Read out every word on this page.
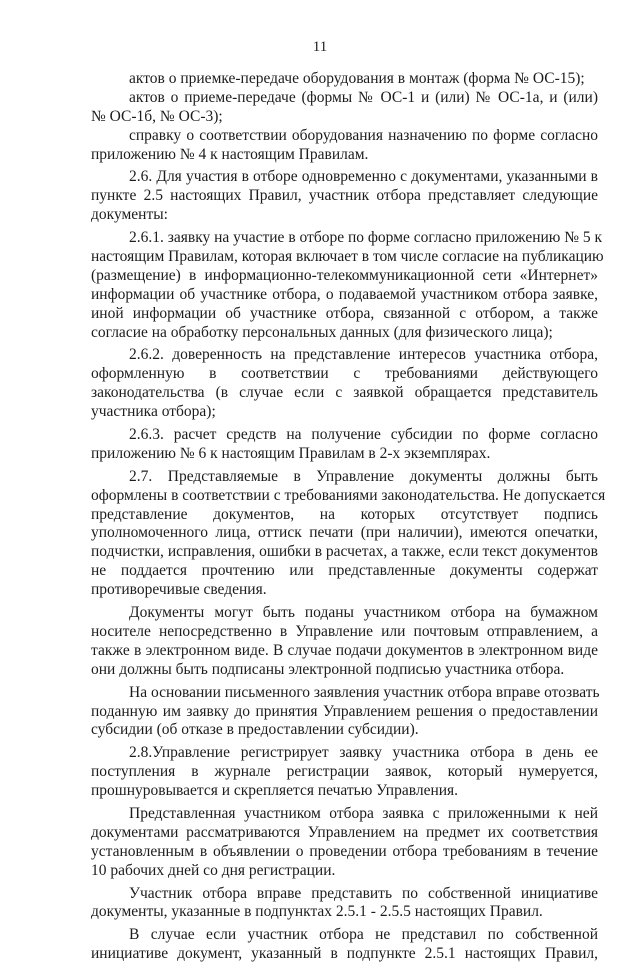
11
актов о приемке-передаче оборудования в монтаж (форма № ОС-15);
актов о приеме-передаче (формы № ОС-1 и (или) № ОС-1а, и (или)
№ ОС-1б, № ОС-3);
справку о соответствии оборудования назначению по форме согласно
приложению № 4 к настоящим Правилам.
2.6. Для участия в отборе одновременно с документами, указанными в
пункте 2.5 настоящих Правил, участник отбора представляет следующие
документы:
2.6.1. заявку на участие в отборе по форме согласно приложению № 5 к
настоящим Правилам, которая включает в том числе согласие на публикацию
(размещение) в информационно-телекоммуникационной сети «Интернет»
информации об участнике отбора, о подаваемой участником отбора заявке,
иной информации об участнике отбора, связанной с отбором, а также
согласие на обработку персональных данных (для физического лица);
2.6.2. доверенность на представление интересов участника отбора,
оформленную в соответствии с требованиями действующего
законодательства (в случае если с заявкой обращается представитель
участника отбора);
2.6.3. расчет средств на получение субсидии по форме согласно
приложению № 6 к настоящим Правилам в 2-х экземплярах.
2.7. Представляемые в Управление документы должны быть
оформлены в соответствии с требованиями законодательства. Не допускается
представление документов, на которых отсутствует подпись
уполномоченного лица, оттиск печати (при наличии), имеются опечатки,
подчистки, исправления, ошибки в расчетах, а также, если текст документов
не поддается прочтению или представленные документы содержат
противоречивые сведения.
Документы могут быть поданы участником отбора на бумажном
носителе непосредственно в Управление или почтовым отправлением, а
также в электронном виде. В случае подачи документов в электронном виде
они должны быть подписаны электронной подписью участника отбора.
На основании письменного заявления участник отбора вправе отозвать
поданную им заявку до принятия Управлением решения о предоставлении
субсидии (об отказе в предоставлении субсидии).
2.8.Управление регистрирует заявку участника отбора в день ее
поступления в журнале регистрации заявок, который нумеруется,
прошнуровывается и скрепляется печатью Управления.
Представленная участником отбора заявка с приложенными к ней
документами рассматриваются Управлением на предмет их соответствия
установленным в объявлении о проведении отбора требованиям в течение
10 рабочих дней со дня регистрации.
Участник отбора вправе представить по собственной инициативе
документы, указанные в подпунктах 2.5.1 - 2.5.5 настоящих Правил.
В случае если участник отбора не представил по собственной
инициативе документ, указанный в подпункте 2.5.1 настоящих Правил,
